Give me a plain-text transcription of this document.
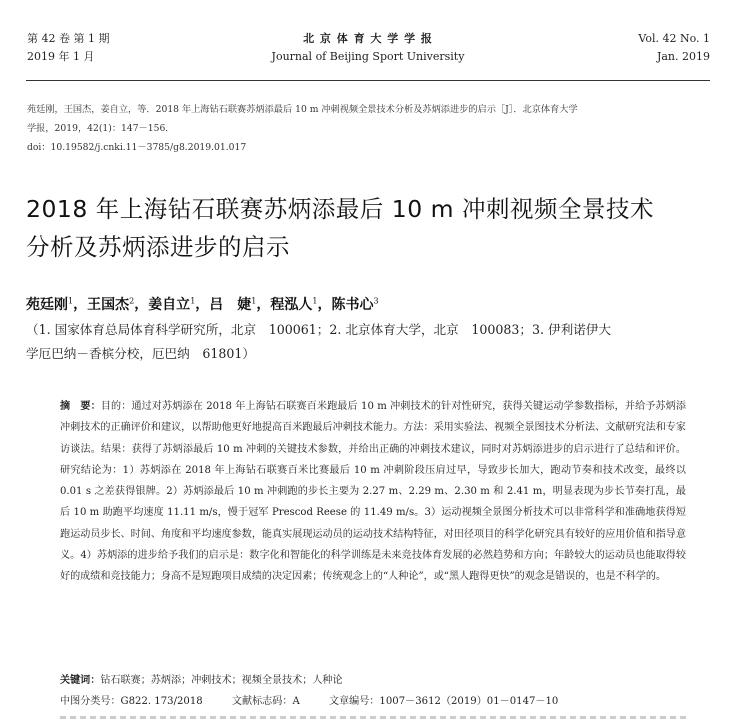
第 42 卷 第 1 期
2019 年 1 月
北 京 体 育 大 学 学 报
Journal of Beijing Sport University
Vol. 42 No. 1
Jan. 2019
苑廷刚，王国杰，姜自立，等．2018 年上海钻石联赛苏炳添最后 10 m 冲刺视频全景技术分析及苏炳添进步的启示［J］．北京体育大学
学报，2019，42(1)：147－156．
doi：10.19582/j.cnki.11－3785/g8.2019.01.017
2018 年上海钻石联赛苏炳添最后 10 m 冲刺视频全景技术
分析及苏炳添进步的启示
苑廷刚$^1$，王国杰$^2$，姜自立$^1$，吕　婕$^1$，程泓人$^1$，陈书心$^3$
（1. 国家体育总局体育科学研究所，北京　100061；2. 北京体育大学，北京　100083；3. 伊利诺伊大
学厄巴纳－香槟分校，厄巴纳　61801）
摘　要：目的：通过对苏炳添在 2018 年上海钻石联赛百米跑最后 10 m 冲刺技术的针对性研究，获得关键运动学参数指标，并给予苏炳添冲刺技术的正确评价和建议，以帮助他更好地提高百米跑最后冲刺技术能力。方法：采用实验法、视频全景图技术分析法、文献研究法和专家访谈法。结果：获得了苏炳添最后 10 m 冲刺的关键技术参数，并给出正确的冲刺技术建议，同时对苏炳添进步的启示进行了总结和评价。研究结论为：1）苏炳添在 2018 年上海钻石联赛百米比赛最后 10 m 冲刺阶段压肩过早，导致步长加大，跑动节奏和技术改变，最终以 0.01 s 之差获得银牌。2）苏炳添最后 10 m 冲刺跑的步长主要为 2.27 m、2.29 m、2.30 m 和 2.41 m，明显表现为步长节奏打乱，最后 10 m 助跑平均速度 11.11 m/s，慢于冠军 Prescod Reese 的 11.49 m/s。3）运动视频全景图分析技术可以非常科学和准确地获得短跑运动员步长、时间、角度和平均速度参数，能真实展现运动员的运动技术结构特征，对田径项目的科学化研究具有较好的应用价值和指导意义。4）苏炳添的进步给予我们的启示是：数字化和智能化的科学训练是未来竞技体育发展的必然趋势和方向；年龄较大的运动员也能取得较好的成绩和竞技能力；身高不是短跑项目成绩的决定因素；传统观念上的“人种论”，或“黑人跑得更快”的观念是错误的，也是不科学的。
关键词：钻石联赛；苏炳添；冲刺技术；视频全景技术；人种论
中图分类号：G822. 173/2018	文献标志码：A	文章编号：1007－3612（2019）01－0147－10
